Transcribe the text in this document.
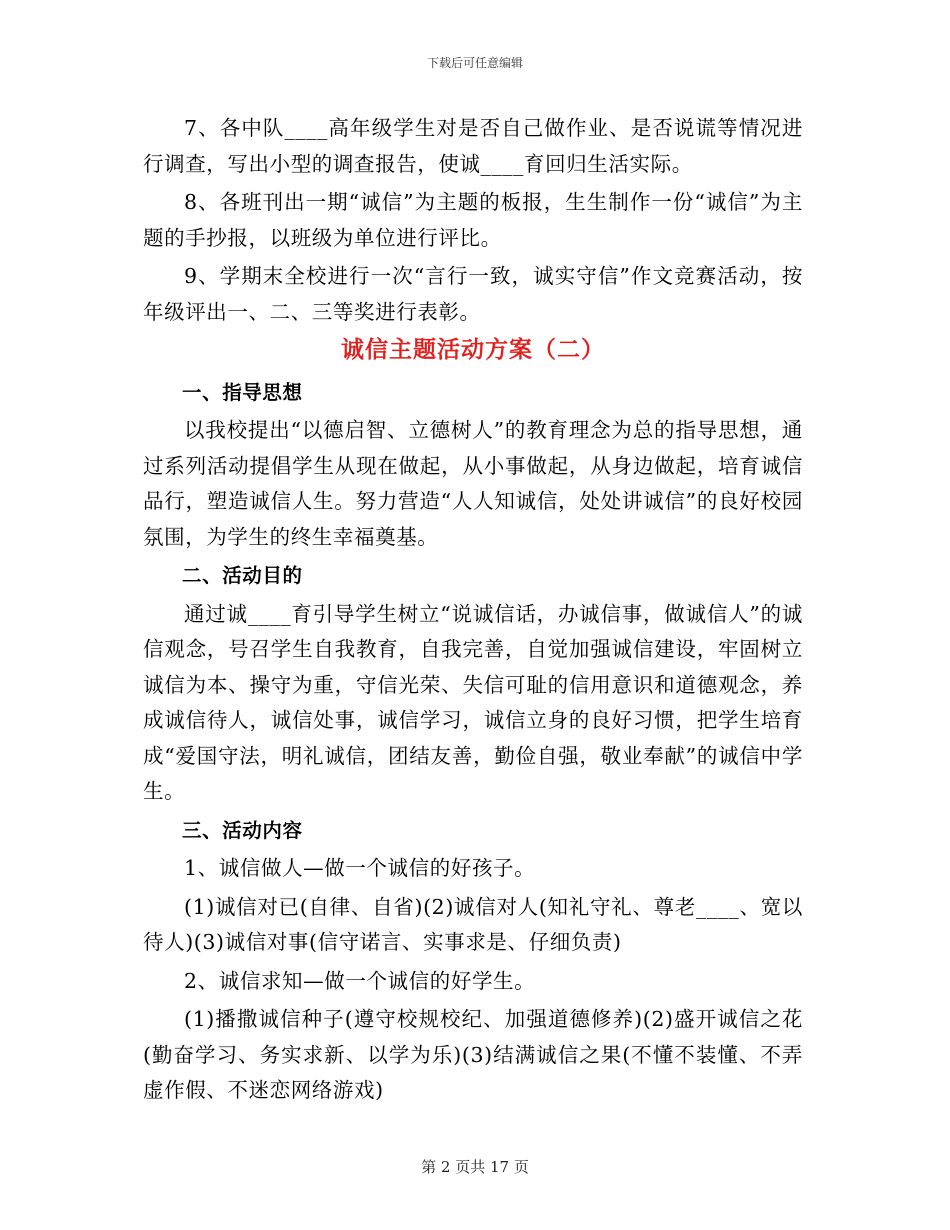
下载后可任意编辑

7、各中队____高年级学生对是否自己做作业、是否说谎等情况进行调查，写出小型的调查报告，使诚____育回归生活实际。

8、各班刊出一期“诚信”为主题的板报，生生制作一份“诚信”为主题的手抄报，以班级为单位进行评比。

9、学期末全校进行一次“言行一致，诚实守信”作文竞赛活动，按年级评出一、二、三等奖进行表彰。

诚信主题活动方案（二）

一、指导思想

以我校提出“以德启智、立德树人”的教育理念为总的指导思想，通过系列活动提倡学生从现在做起，从小事做起，从身边做起，培育诚信品行，塑造诚信人生。努力营造“人人知诚信，处处讲诚信”的良好校园氛围，为学生的终生幸福奠基。

二、活动目的

通过诚____育引导学生树立“说诚信话，办诚信事，做诚信人”的诚信观念，号召学生自我教育，自我完善，自觉加强诚信建设，牢固树立诚信为本、操守为重，守信光荣、失信可耻的信用意识和道德观念，养成诚信待人，诚信处事，诚信学习，诚信立身的良好习惯，把学生培育成“爱国守法，明礼诚信，团结友善，勤俭自强，敬业奉献”的诚信中学生。

三、活动内容

1、诚信做人—做一个诚信的好孩子。

(1)诚信对已(自律、自省)(2)诚信对人(知礼守礼、尊老____、宽以待人)(3)诚信对事(信守诺言、实事求是、仔细负责)

2、诚信求知—做一个诚信的好学生。

(1)播撒诚信种子(遵守校规校纪、加强道德修养)(2)盛开诚信之花(勤奋学习、务实求新、以学为乐)(3)结满诚信之果(不懂不装懂、不弄虚作假、不迷恋网络游戏)

第 2 页共 17 页
